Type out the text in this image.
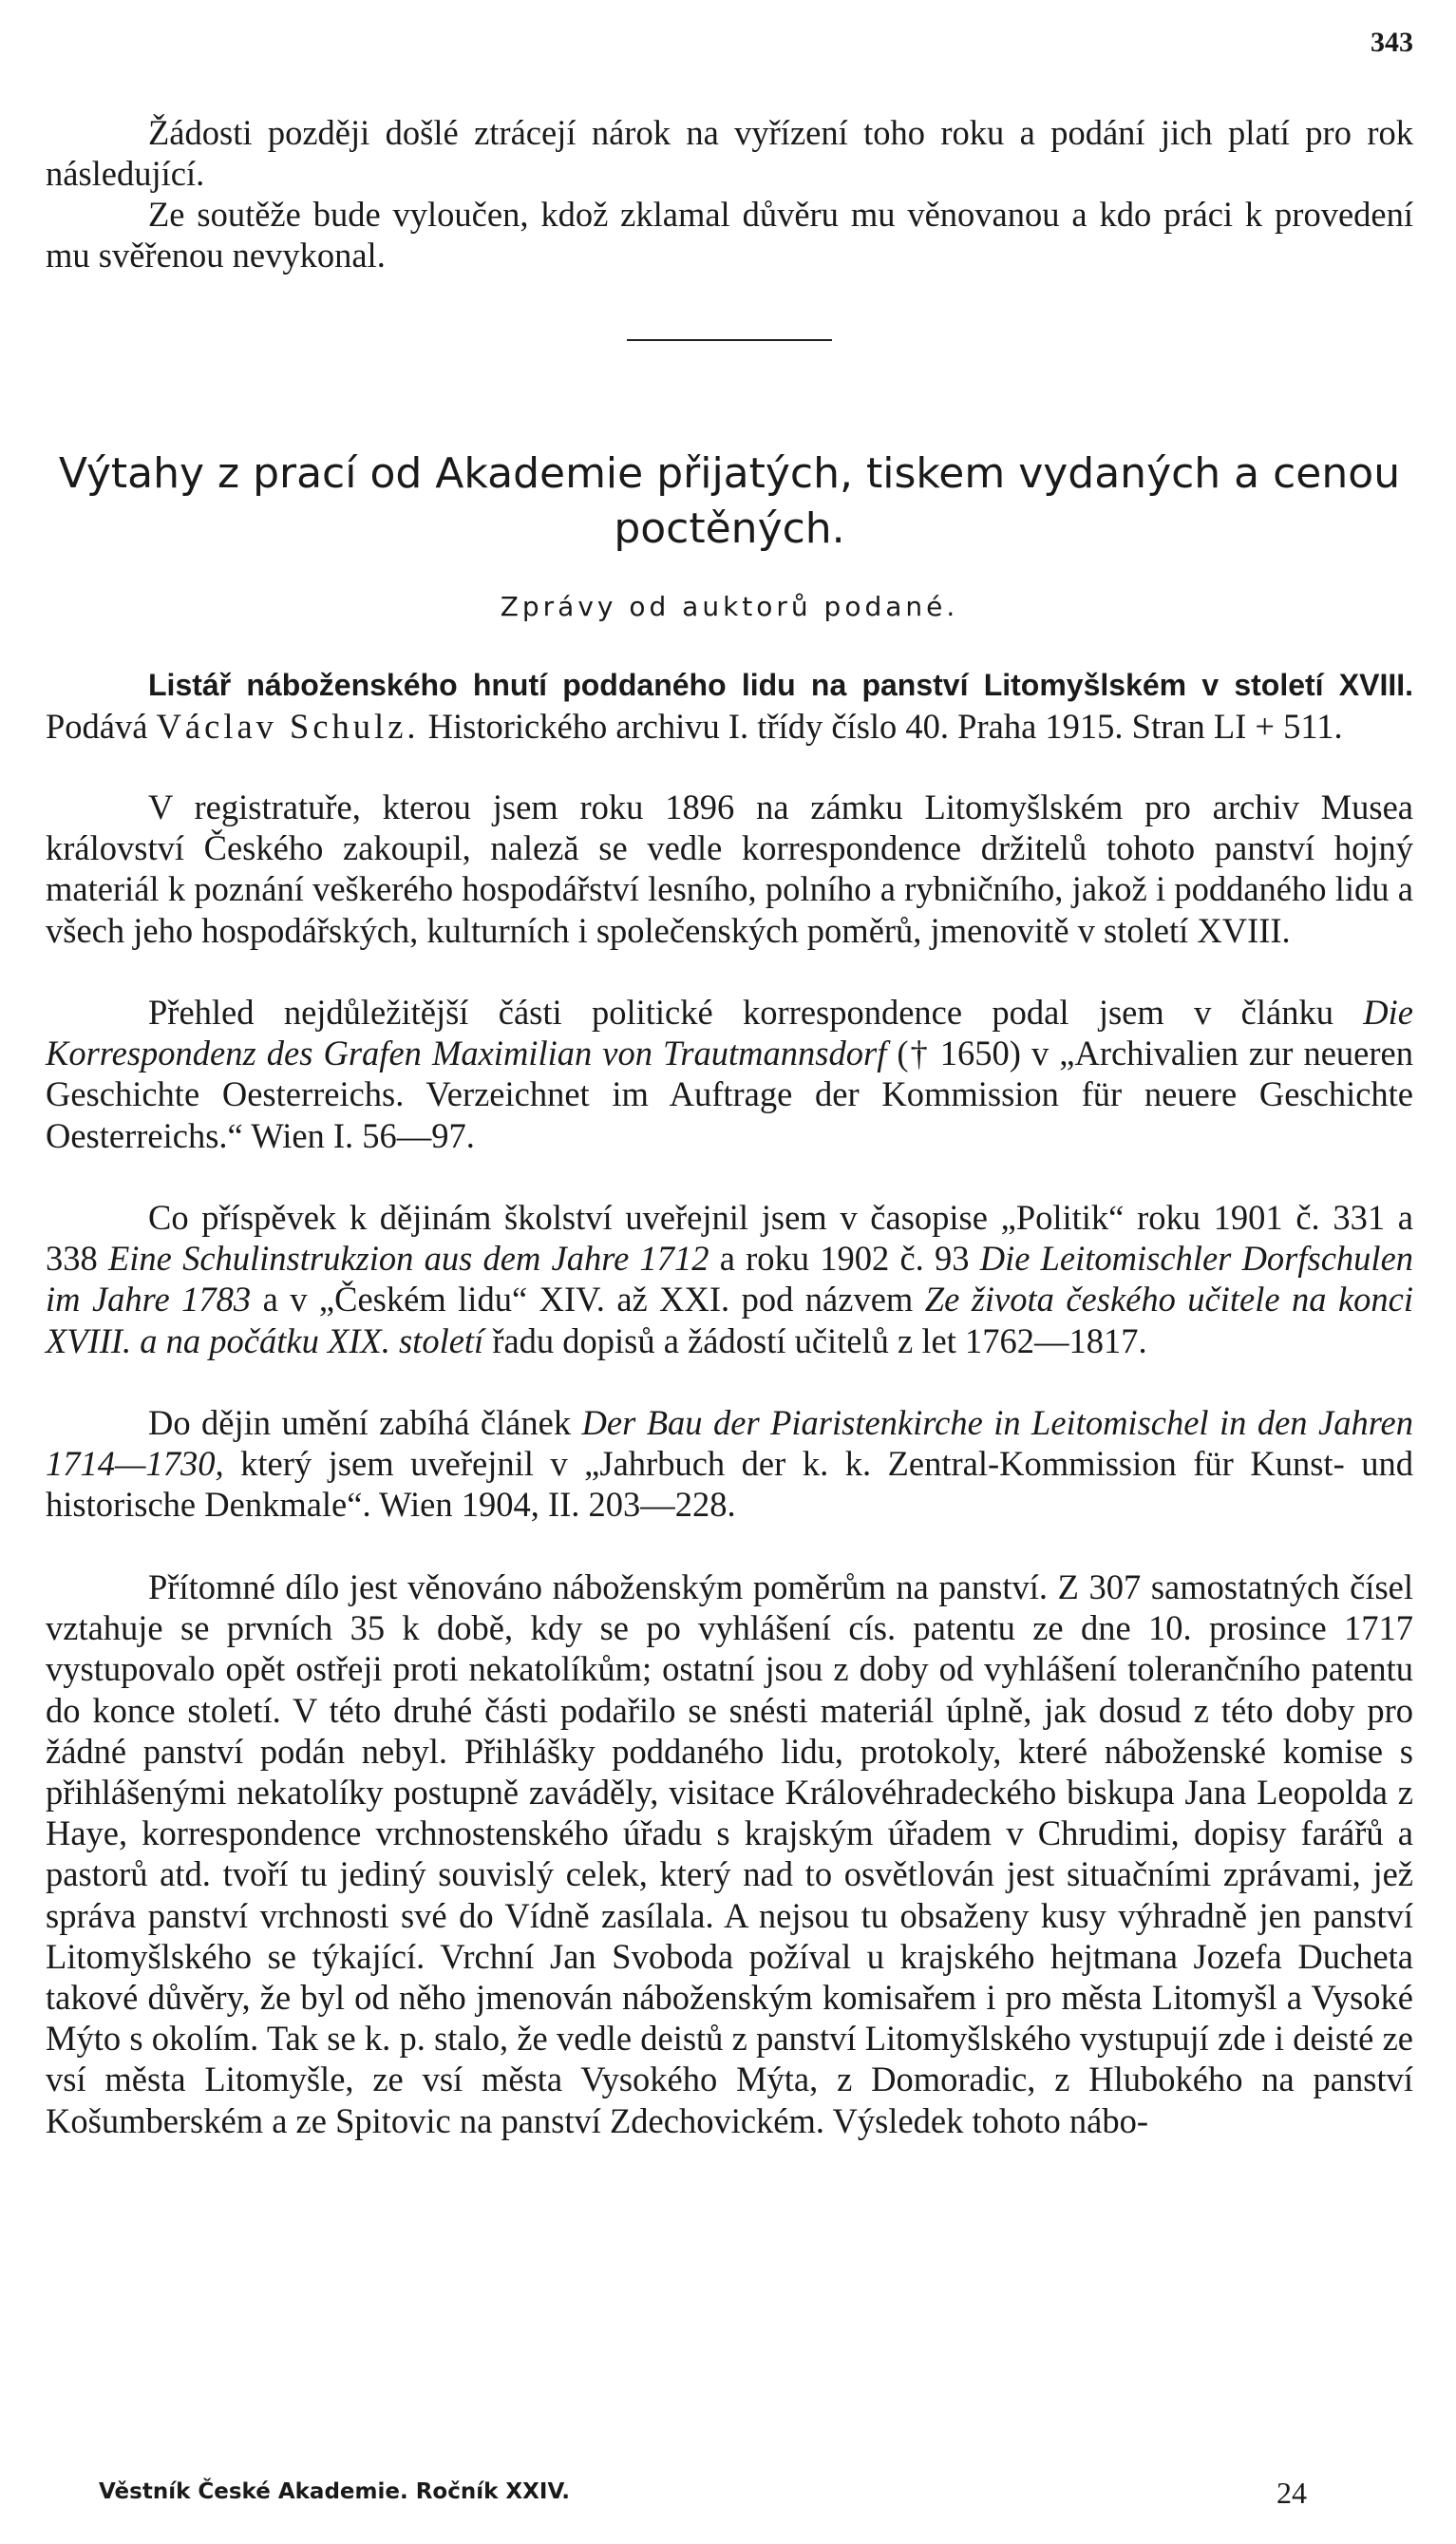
343

Žádosti později došlé ztrácejí nárok na vyřízení toho roku a podání jich platí pro rok následující.

Ze soutěže bude vyloučen, kdož zklamal důvěru mu věnovanou a kdo práci k provedení mu svěřenou nevykonal.

Výtahy z prací od Akademie přijatých, tiskem vydaných a cenou poctěných.

Zprávy od auktorů podané.

Listář náboženského hnutí poddaného lidu na panství Litomyšlském v století XVIII. Podává Václav Schulz. Historického archivu I. třídy číslo 40. Praha 1915. Stran LI + 511.

V registratuře, kterou jsem roku 1896 na zámku Litomyšlském pro archiv Musea království Českého zakoupil, naleză se vedle korrespondence držitelů tohoto panství hojný materiál k poznání veškerého hospodářství lesního, polního a rybničního, jakož i poddaného lidu a všech jeho hospodářských, kulturních i společenských poměrů, jmenovitě v století XVIII.

Přehled nejdůležitější části politické korrespondence podal jsem v článku Die Korrespondenz des Grafen Maximilian von Trautmannsdorf († 1650) v „Archivalien zur neueren Geschichte Oesterreichs. Verzeichnet im Auftrage der Kommission für neuere Geschichte Oesterreichs.“ Wien I. 56—97.

Co příspěvek k dějinám školství uveřejnil jsem v časopise „Politik“ roku 1901 č. 331 a 338 Eine Schulinstrukzion aus dem Jahre 1712 a roku 1902 č. 93 Die Leitomischler Dorfschulen im Jahre 1783 a v „Českém lidu“ XIV. až XXI. pod názvem Ze života českého učitele na konci XVIII. a na počátku XIX. století řadu dopisů a žádostí učitelů z let 1762—1817.

Do dějin umění zabíhá článek Der Bau der Piaristenkirche in Leitomischel in den Jahren 1714—1730, který jsem uveřejnil v „Jahrbuch der k. k. Zentral-Kommission für Kunst- und historische Denkmale“. Wien 1904, II. 203—228.

Přítomné dílo jest věnováno náboženským poměrům na panství. Z 307 samostatných čísel vztahuje se prvních 35 k době, kdy se po vyhlášení cís. patentu ze dne 10. prosince 1717 vystupovalo opět ostřeji proti nekatolíkům; ostatní jsou z doby od vyhlášení tolerančního patentu do konce století. V této druhé části podařilo se snésti materiál úplně, jak dosud z této doby pro žádné panství podán nebyl. Přihlášky poddaného lidu, protokoly, které náboženské komise s přihlášenými nekatolíky postupně zaváděly, visitace Královéhradeckého biskupa Jana Leopolda z Haye, korrespondence vrchnostenského úřadu s krajským úřadem v Chrudimi, dopisy farářů a pastorů atd. tvoří tu jediný souvislý celek, který nad to osvětlován jest situačními zprávami, jež správa panství vrchnosti své do Vídně zasílala. A nejsou tu obsaženy kusy výhradně jen panství Litomyšlského se týkající. Vrchní Jan Svoboda požíval u krajského hejtmana Jozefa Ducheta takové důvěry, že byl od něho jmenován náboženským komisařem i pro města Litomyšl a Vysoké Mýto s okolím. Tak se k. p. stalo, že vedle deistů z panství Litomyšlského vystupují zde i deisté ze vsí města Litomyšle, ze vsí města Vysokého Mýta, z Domoradic, z Hlubokého na panství Košumberském a ze Spitovic na panství Zdechovickém. Výsledek tohoto nábo-

Věstník České Akademie. Ročník XXIV.	24
